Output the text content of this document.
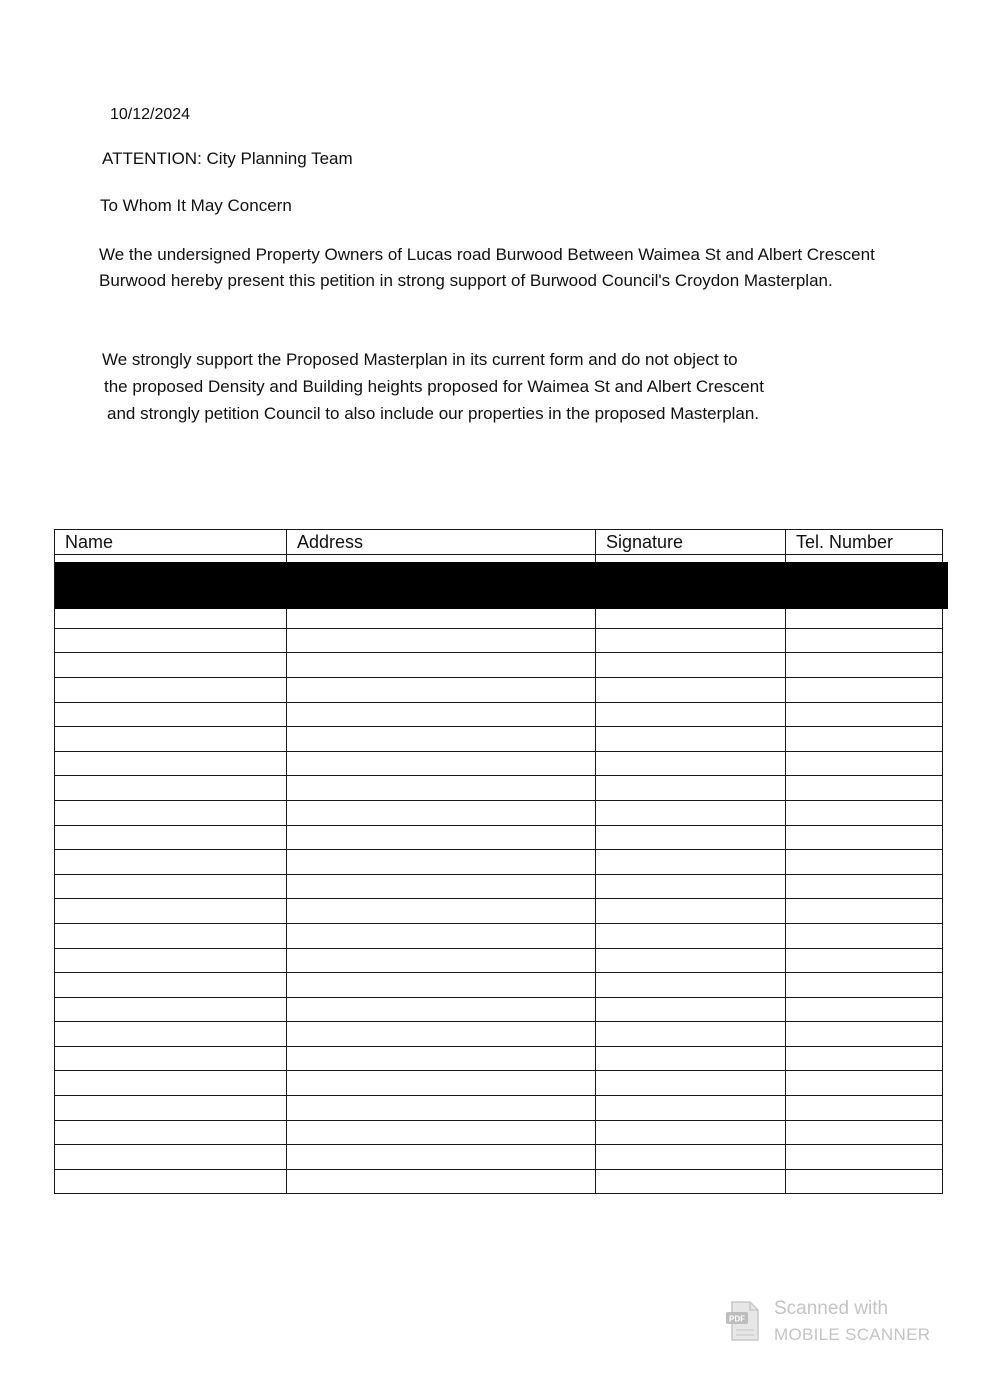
10/12/2024

ATTENTION: City Planning Team

To Whom It May Concern

We the undersigned Property Owners of Lucas road Burwood Between Waimea St and Albert Crescent Burwood hereby present this petition in strong support of Burwood Council's Croydon Masterplan.

We strongly support the Proposed Masterplan in its current form and do not object to
the proposed Density and Building heights proposed for Waimea St and Albert Crescent
and strongly petition Council to also include our properties in the proposed Masterplan.

Name	Address	Signature	Tel. Number

PDF Scanned with
MOBILE SCANNER
